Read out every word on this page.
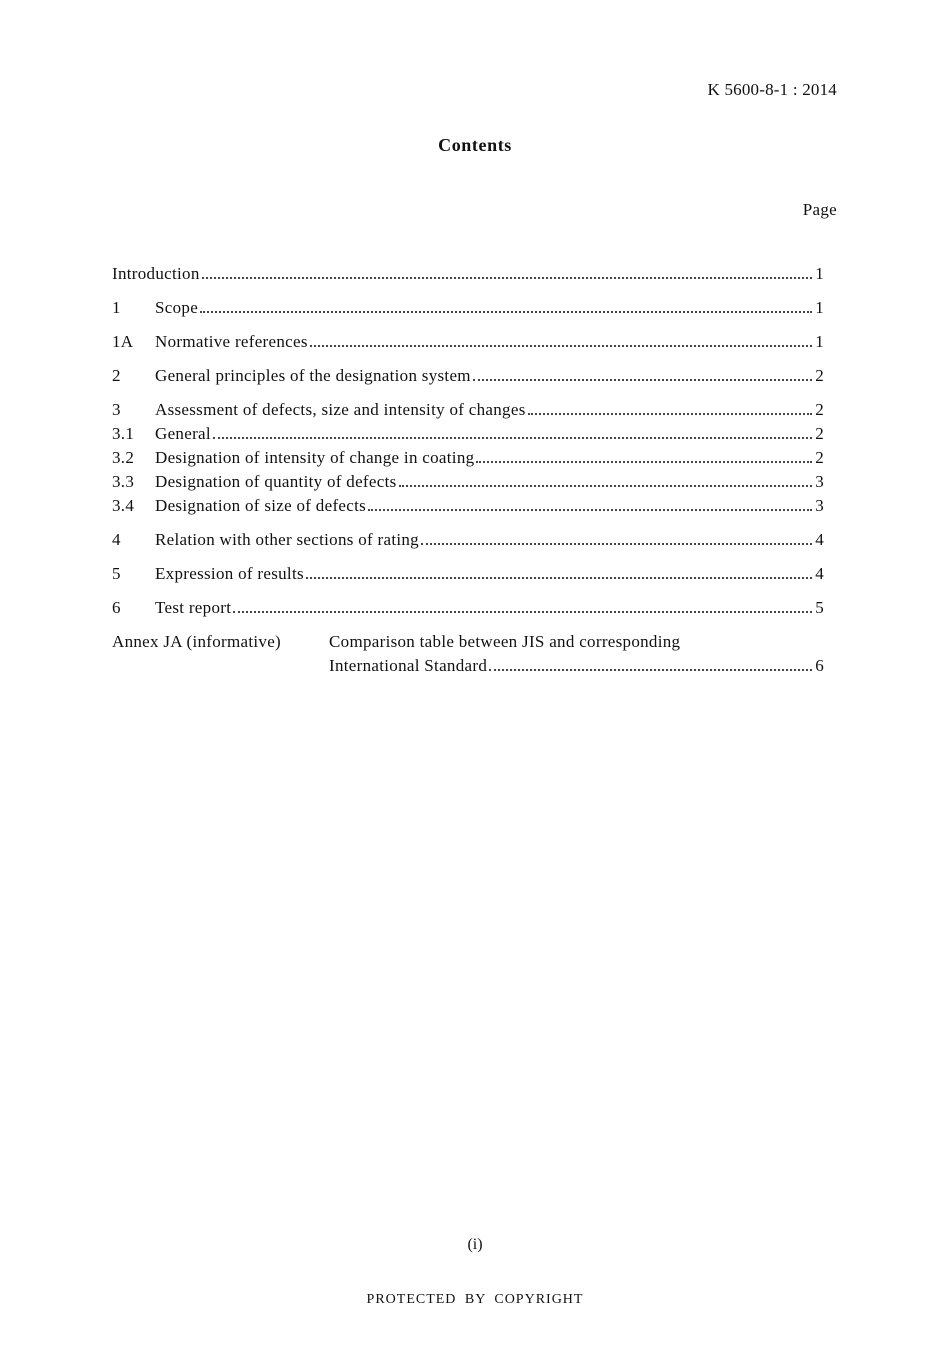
K 5600-8-1 : 2014
Contents
Page
Introduction	1
1	Scope	1
1A	Normative references	1
2	General principles of the designation system	2
3	Assessment of defects, size and intensity of changes	2
3.1	General	2
3.2	Designation of intensity of change in coating	2
3.3	Designation of quantity of defects	3
3.4	Designation of size of defects	3
4	Relation with other sections of rating	4
5	Expression of results	4
6	Test report	5
Annex JA (informative)	Comparison table between JIS and corresponding
International Standard	6
(i)
PROTECTED BY COPYRIGHT
